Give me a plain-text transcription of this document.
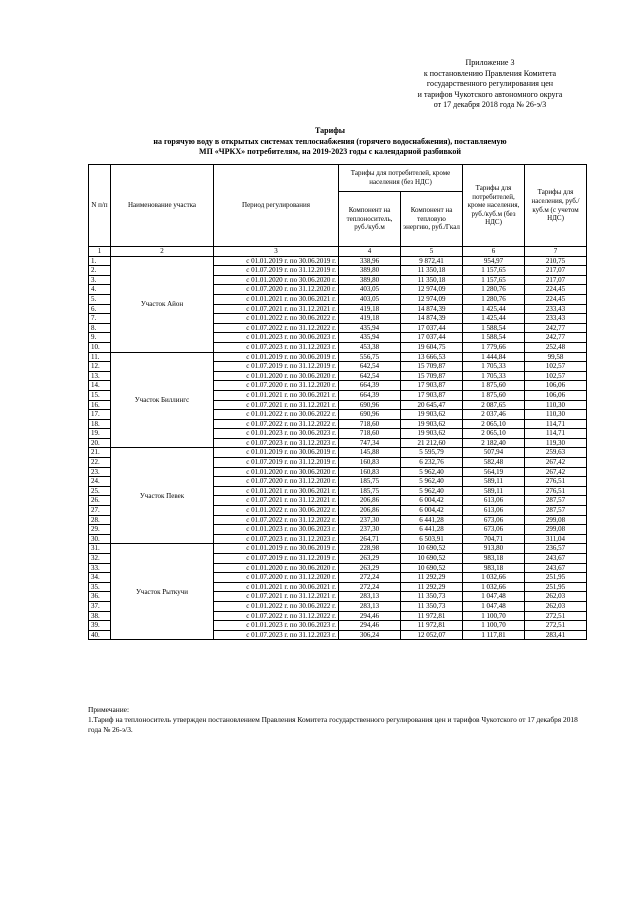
Приложение 3
к постановлению Правления Комитета
государственного регулирования цен
и тарифов Чукотского автономного округа
от 17 декабря 2018 года № 26-э/3
Тарифы
на горячую воду в открытых системах теплоснабжения (горячего водоснабжения), поставляемую
МП «ЧРКХ» потребителям, на 2019-2023 годы с календарной разбивкой
N п/п	Наименование участка	Период регулирования	Тарифы для потребителей, кроме населения (без НДС)		Тарифы для потребителей, кроме населения, руб./куб.м (без НДС)	Тарифы для населения, руб./куб.м (с учетом НДС)
			Компонент на теплоноситель, руб./куб.м	Компонент на тепловую энергию, руб./Гкал		
1	2	3	4	5	6	7
1.	Участок Айон	с 01.01.2019 г. по 30.06.2019 г.	338,96	9 872,41	954,97	210,75
2.		с 01.07.2019 г. по 31.12.2019 г.	389,80	11 350,18	1 157,65	217,07
3.		с 01.01.2020 г. по 30.06.2020 г.	389,80	11 350,18	1 157,65	217,07
4.		с 01.07.2020 г. по 31.12.2020 г.	403,05	12 974,09	1 280,76	224,45
5.		с 01.01.2021 г. по 30.06.2021 г.	403,05	12 974,09	1 280,76	224,45
6.		с 01.07.2021 г. по 31.12.2021 г.	419,18	14 874,39	1 425,44	233,43
7.		с 01.01.2022 г. по 30.06.2022 г.	419,18	14 874,39	1 425,44	233,43
8.		с 01.07.2022 г. по 31.12.2022 г.	435,94	17 037,44	1 588,54	242,77
9.		с 01.01.2023 г. по 30.06.2023 г.	435,94	17 037,44	1 588,54	242,77
10.		с 01.07.2023 г. по 31.12.2023 г.	453,38	19 604,75	1 779,66	252,48
11.	Участок Биллингс	с 01.01.2019 г. по 30.06.2019 г.	556,75	13 666,53	1 444,84	99,58
12.		с 01.07.2019 г. по 31.12.2019 г.	642,54	15 709,87	1 705,33	102,57
13.		с 01.01.2020 г. по 30.06.2020 г.	642,54	15 709,87	1 705,33	102,57
14.		с 01.07.2020 г. по 31.12.2020 г.	664,39	17 903,87	1 875,60	106,06
15.		с 01.01.2021 г. по 30.06.2021 г.	664,39	17 903,87	1 875,60	106,06
16.		с 01.07.2021 г. по 31.12.2021 г.	690,96	20 645,47	2 087,65	110,30
17.		с 01.01.2022 г. по 30.06.2022 г.	690,96	19 903,62	2 037,46	110,30
18.		с 01.07.2022 г. по 31.12.2022 г.	718,60	19 903,62	2 065,10	114,71
19.		с 01.01.2023 г. по 30.06.2023 г.	718,60	19 903,62	2 065,10	114,71
20.		с 01.07.2023 г. по 31.12.2023 г.	747,34	21 212,60	2 182,40	119,30
21.	Участок Певек	с 01.01.2019 г. по 30.06.2019 г.	145,88	5 595,79	507,94	259,63
22.		с 01.07.2019 г. по 31.12.2019 г.	160,83	6 232,76	582,48	267,42
23.		с 01.01.2020 г. по 30.06.2020 г.	160,83	5 962,40	564,19	267,42
24.		с 01.07.2020 г. по 31.12.2020 г.	185,75	5 962,40	589,11	276,51
25.		с 01.01.2021 г. по 30.06.2021 г.	185,75	5 962,40	589,11	276,51
26.		с 01.07.2021 г. по 31.12.2021 г.	206,86	6 004,42	613,06	287,57
27.		с 01.01.2022 г. по 30.06.2022 г.	206,86	6 004,42	613,06	287,57
28.		с 01.07.2022 г. по 31.12.2022 г.	237,30	6 441,28	673,06	299,08
29.		с 01.01.2023 г. по 30.06.2023 г.	237,30	6 441,28	673,06	299,08
30.		с 01.07.2023 г. по 31.12.2023 г.	264,71	6 503,91	704,71	311,04
31.	Участок Рыткучи	с 01.01.2019 г. по 30.06.2019 г.	228,98	10 690,52	913,80	236,57
32.		с 01.07.2019 г. по 31.12.2019 г.	263,29	10 690,52	983,18	243,67
33.		с 01.01.2020 г. по 30.06.2020 г.	263,29	10 690,52	983,18	243,67
34.		с 01.07.2020 г. по 31.12.2020 г.	272,24	11 292,29	1 032,66	251,95
35.		с 01.01.2021 г. по 30.06.2021 г.	272,24	11 292,29	1 032,66	251,95
36.		с 01.07.2021 г. по 31.12.2021 г.	283,13	11 350,73	1 047,48	262,03
37.		с 01.01.2022 г. по 30.06.2022 г.	283,13	11 350,73	1 047,48	262,03
38.		с 01.07.2022 г. по 31.12.2022 г.	294,46	11 972,81	1 100,70	272,51
39.		с 01.01.2023 г. по 30.06.2023 г.	294,46	11 972,81	1 100,70	272,51
40.		с 01.07.2023 г. по 31.12.2023 г.	306,24	12 052,07	1 117,81	283,41
Примечание:
1.Тариф на теплоноситель утвержден постановлением Правления Комитета государственного регулирования цен и тарифов Чукотского от 17 декабря 2018 года № 26-э/3.
